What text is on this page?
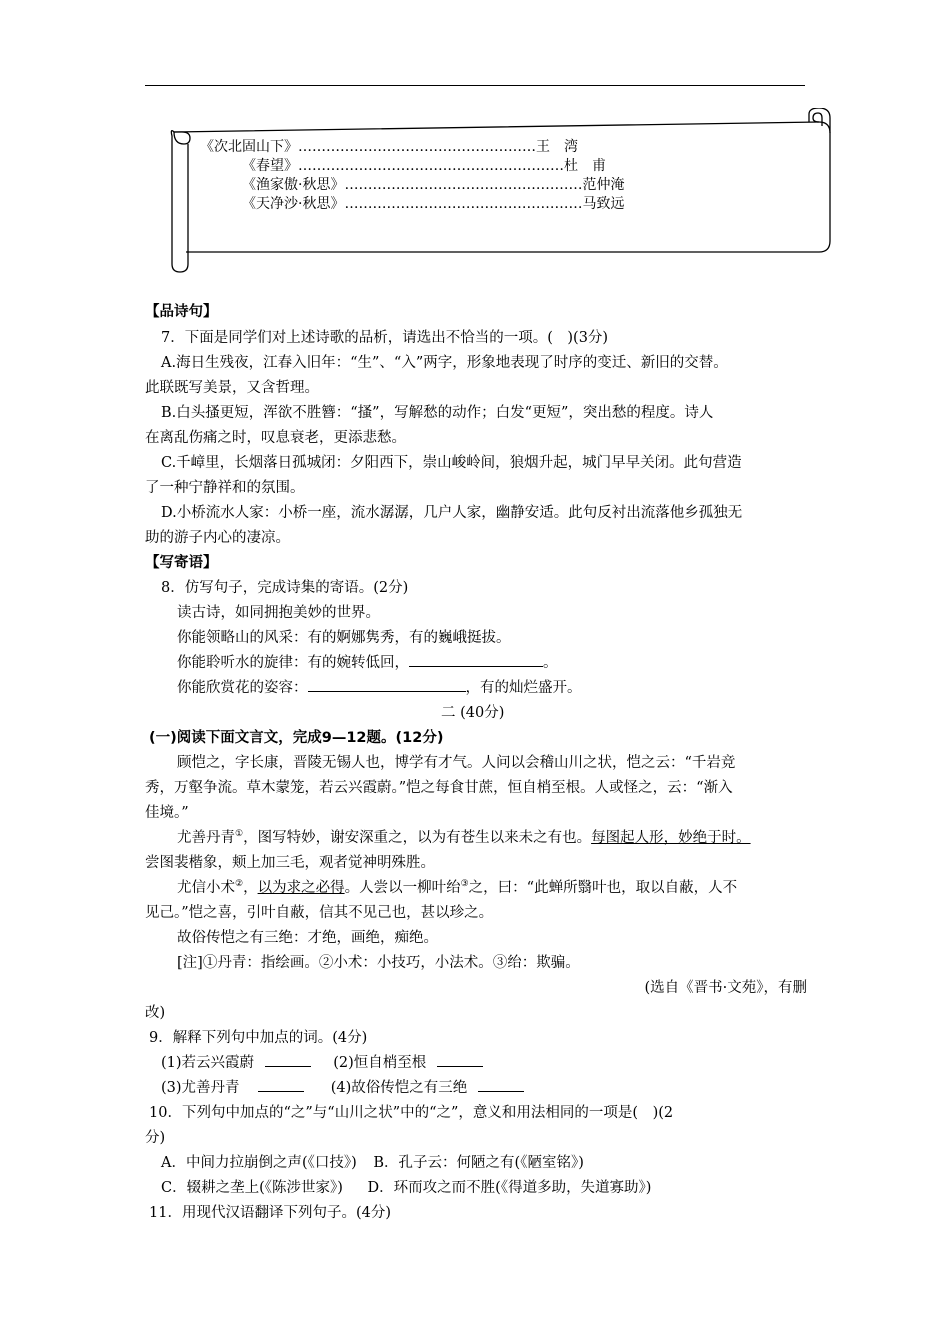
《次北固山下》……………………………………………王　湾
《春望》…………………………………………………杜　甫
《渔家傲·秋思》……………………………………………范仲淹
《天净沙·秋思》……………………………………………马致远
【品诗句】
7．下面是同学们对上述诗歌的品析，请选出不恰当的一项。(　)(3分)
A.海日生残夜，江春入旧年：“生”、“入”两字，形象地表现了时序的变迁、新旧的交替。
此联既写美景，又含哲理。
B.白头搔更短，浑欲不胜簪：“搔”，写解愁的动作；白发“更短”，突出愁的程度。诗人
在离乱伤痛之时，叹息衰老，更添悲愁。
C.千嶂里，长烟落日孤城闭：夕阳西下，崇山峻岭间，狼烟升起，城门早早关闭。此句营造
了一种宁静祥和的氛围。
D.小桥流水人家：小桥一座，流水潺潺，几户人家，幽静安适。此句反衬出流落他乡孤独无
助的游子内心的凄凉。
【写寄语】
8．仿写句子，完成诗集的寄语。(2分)
读古诗，如同拥抱美妙的世界。
你能领略山的风采：有的婀娜隽秀，有的巍峨挺拔。
你能聆听水的旋律：有的婉转低回，	。
你能欣赏花的姿容：	，有的灿烂盛开。
二 (40分)
(一)阅读下面文言文，完成9—12题。(12分)
顾恺之，字长康，晋陵无锡人也，博学有才气。人问以会稽山川之状，恺之云：“千岩竞
秀，万壑争流。草木蒙笼，若云兴霞蔚。”恺之每食甘蔗，恒自梢至根。人或怪之，云：“渐入
佳境。”
尤善丹青①，图写特妙，谢安深重之，以为有苍生以来未之有也。每图起人形，妙绝于时。
尝图裴楷象，颊上加三毛，观者觉神明殊胜。
尤信小术②，以为求之必得。人尝以一柳叶绐③之，曰：“此蝉所翳叶也，取以自蔽，人不
见己。”恺之喜，引叶自蔽，信其不见己也，甚以珍之。
故俗传恺之有三绝：才绝，画绝，痴绝。
[注]①丹青：指绘画。②小术：小技巧，小法术。③绐：欺骗。
(选自《晋书·文苑》，有删
改)
9．解释下列句中加点的词。(4分)
(1)若云兴霞蔚	(2)恒自梢至根
(3)尤善丹青	(4)故俗传恺之有三绝
10．下列句中加点的“之”与“山川之状”中的“之”，意义和用法相同的一项是(　)(2
分)
A．中间力拉崩倒之声(《口技》) B．孔子云：何陋之有(《陋室铭》)
C．辍耕之垄上(《陈涉世家》) D．环而攻之而不胜(《得道多助，失道寡助》)
11．用现代汉语翻译下列句子。(4分)
